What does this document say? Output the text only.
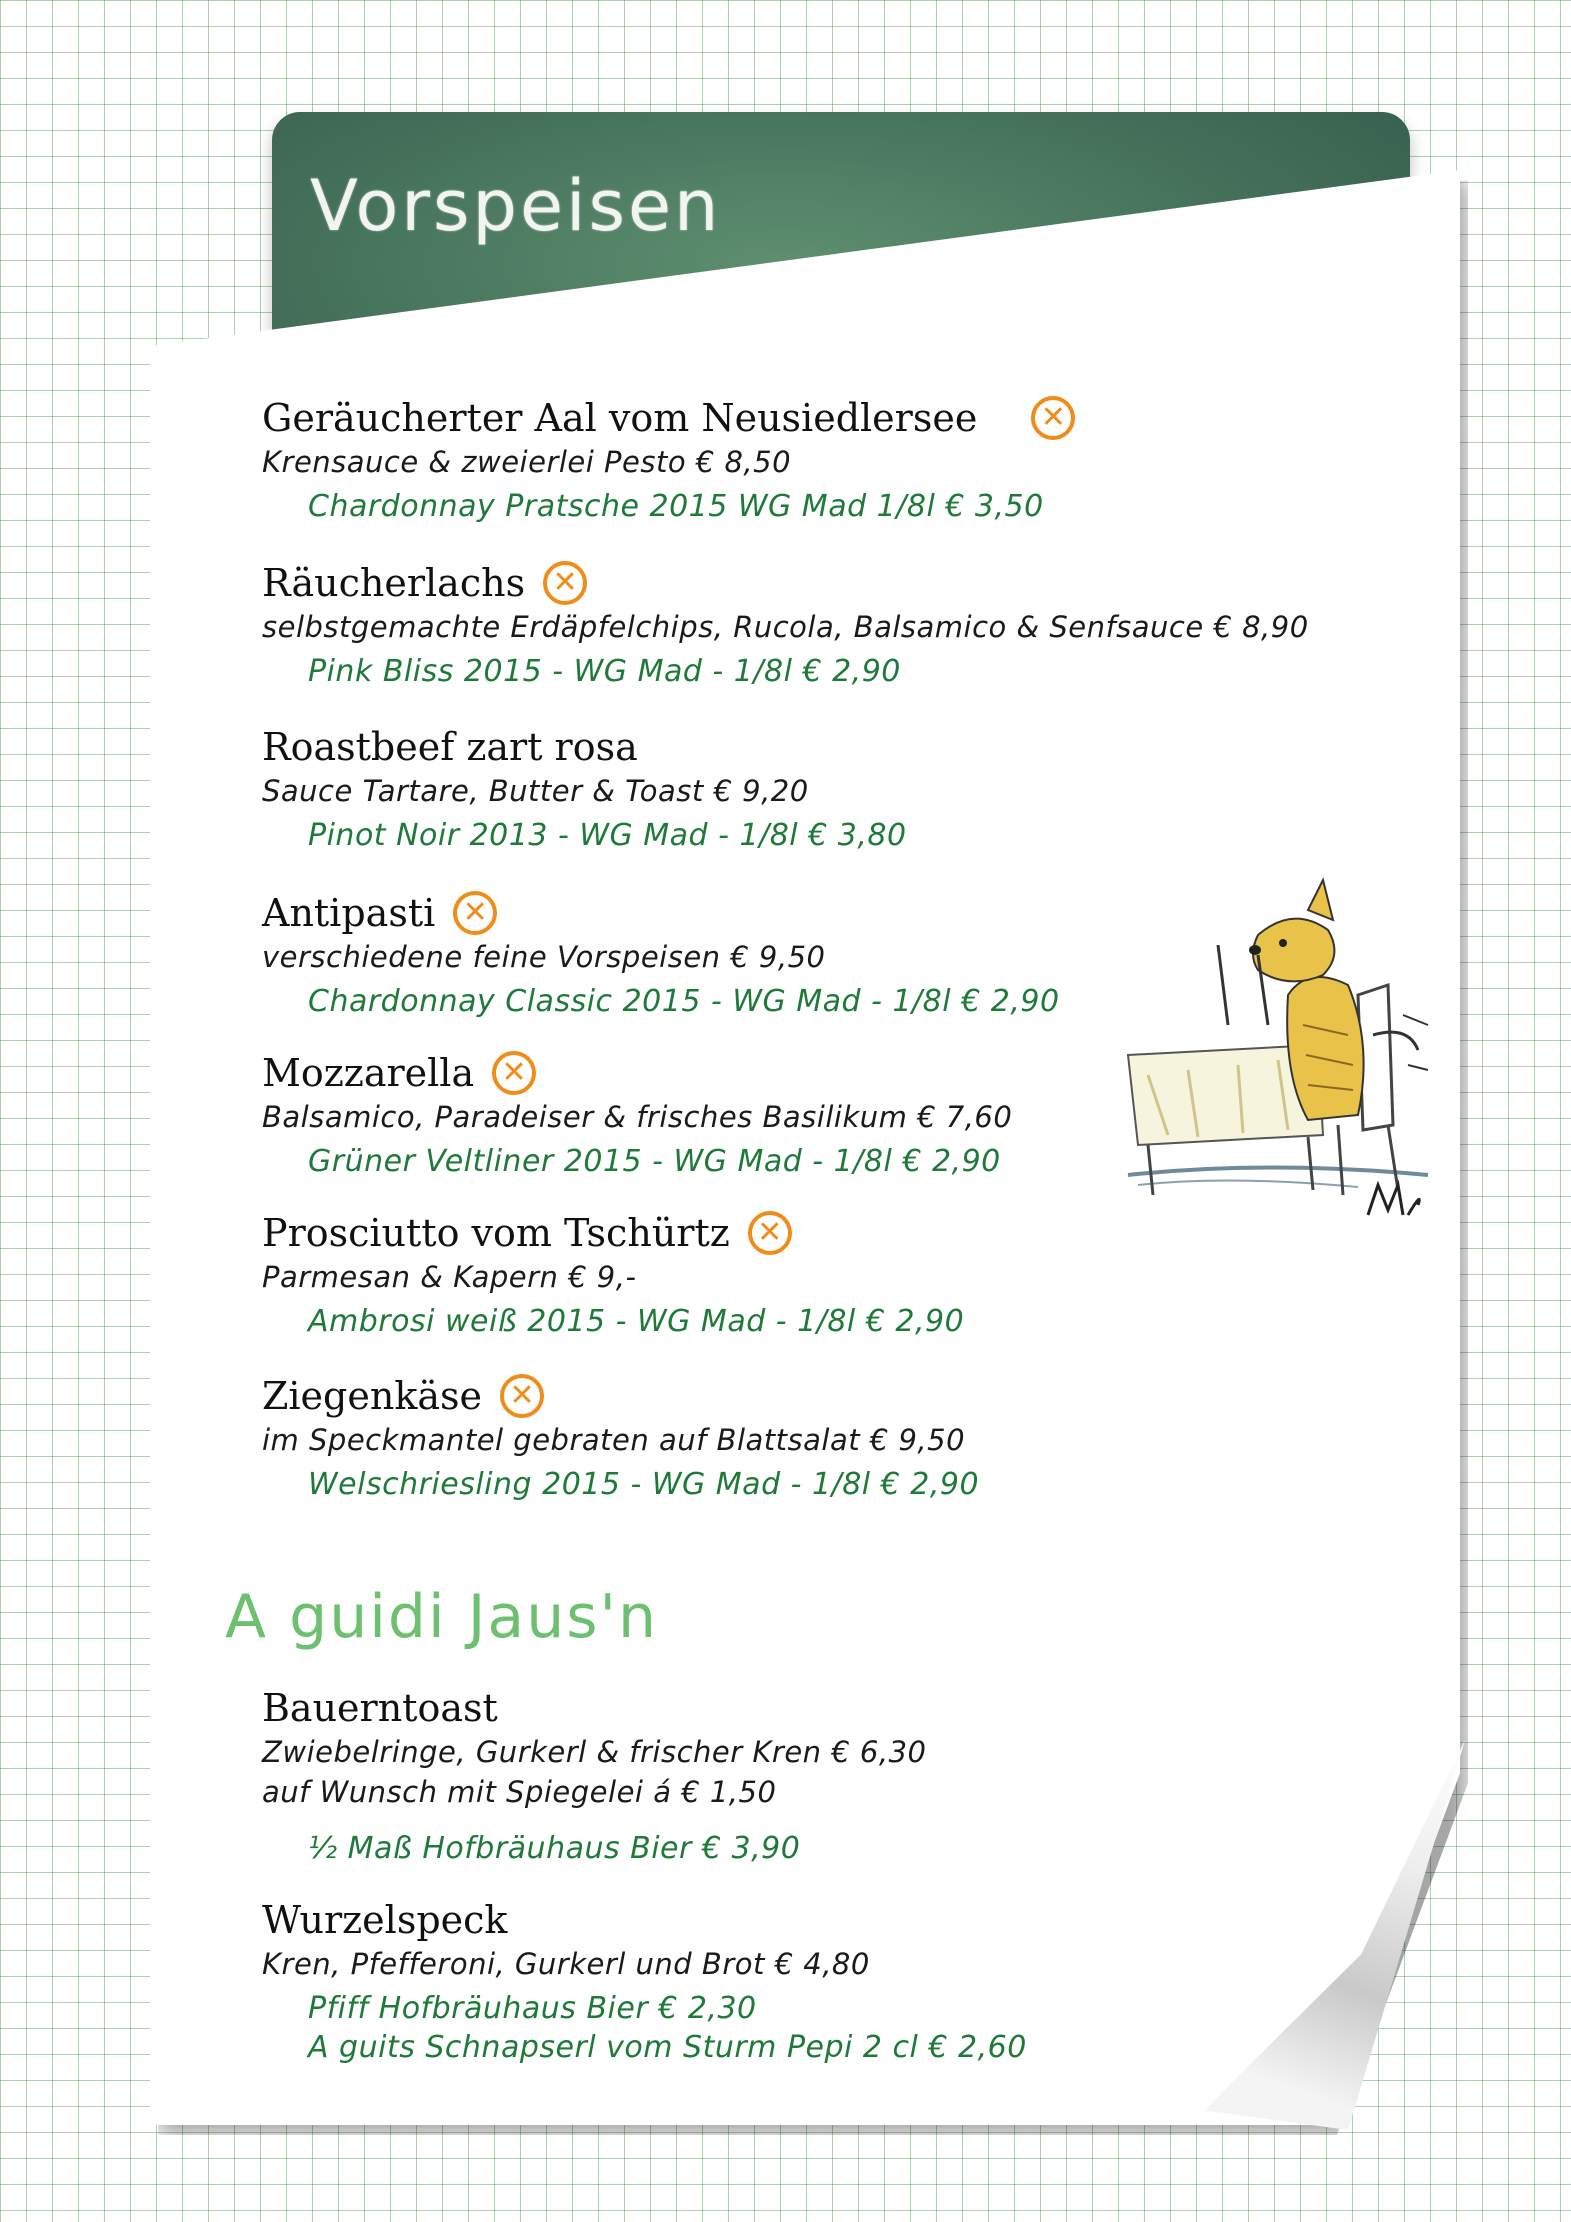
Vorspeisen
Geräucherter Aal vom Neusiedlersee	✕
Krensauce & zweierlei Pesto € 8,50
Chardonnay Pratsche 2015 WG Mad 1/8l € 3,50
Räucherlachs ✕
selbstgemachte Erdäpfelchips, Rucola, Balsamico & Senfsauce € 8,90
Pink Bliss 2015 - WG Mad - 1/8l € 2,90
Roastbeef zart rosa
Sauce Tartare, Butter & Toast € 9,20
Pinot Noir 2013 - WG Mad - 1/8l € 3,80
Antipasti ✕
verschiedene feine Vorspeisen € 9,50
Chardonnay Classic 2015 - WG Mad - 1/8l € 2,90
Mozzarella ✕
Balsamico, Paradeiser & frisches Basilikum € 7,60
Grüner Veltliner 2015 - WG Mad - 1/8l € 2,90
Prosciutto vom Tschürtz ✕
Parmesan & Kapern € 9,-
Ambrosi weiß 2015 - WG Mad - 1/8l € 2,90
Ziegenkäse ✕
im Speckmantel gebraten auf Blattsalat € 9,50
Welschriesling 2015 - WG Mad - 1/8l € 2,90
A guidi Jaus'n
Bauerntoast
Zwiebelringe, Gurkerl & frischer Kren € 6,30
auf Wunsch mit Spiegelei á € 1,50
½ Maß Hofbräuhaus Bier € 3,90
Wurzelspeck
Kren, Pfefferoni, Gurkerl und Brot € 4,80
Pfiff Hofbräuhaus Bier € 2,30
A guits Schnapserl vom Sturm Pepi 2 cl € 2,60
